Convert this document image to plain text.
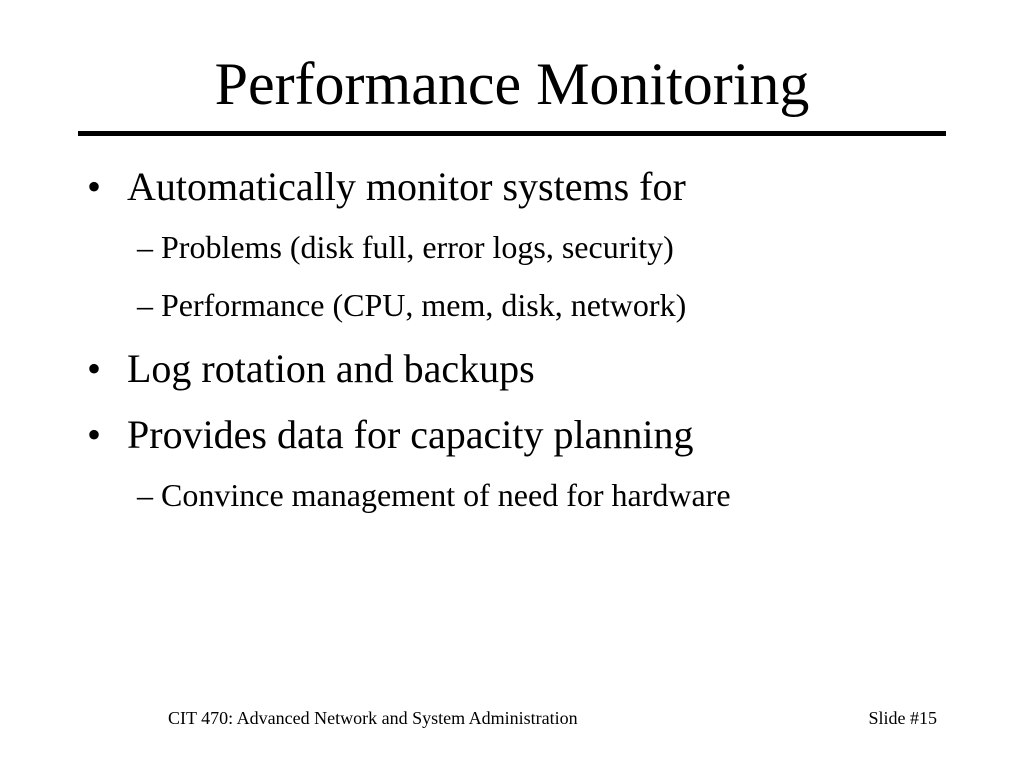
Performance Monitoring
• Automatically monitor systems for
– Problems (disk full, error logs, security)
– Performance (CPU, mem, disk, network)
• Log rotation and backups
• Provides data for capacity planning
– Convince management of need for hardware
CIT 470: Advanced Network and System Administration	Slide #15
